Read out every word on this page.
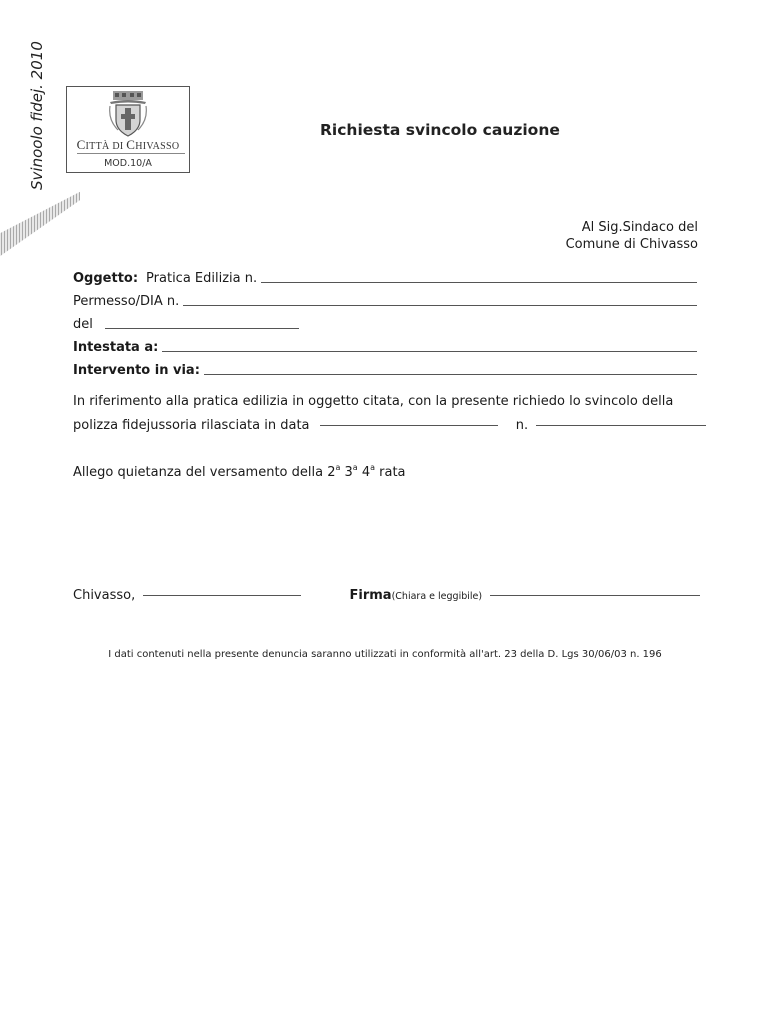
Svinoolo fidej. 2010	CITTÀ DI CHIVASSO
MOD.10/A
Richiesta svincolo cauzione
Al Sig.Sindaco del
Comune di Chivasso
Oggetto: Pratica Edilizia n.
Permesso/DIA n.
del
Intestata a:
Intervento in via:
In riferimento alla pratica edilizia in oggetto citata, con la presente richiedo lo svincolo della
polizza fidejussoria rilasciata in data	n.
Allego quietanza del versamento della 2$^a$ 3$^a$ 4$^a$ rata
Chivasso,	Firma(Chiara e leggibile)
I dati contenuti nella presente denuncia saranno utilizzati in conformità all'art. 23 della D. Lgs 30/06/03 n. 196
